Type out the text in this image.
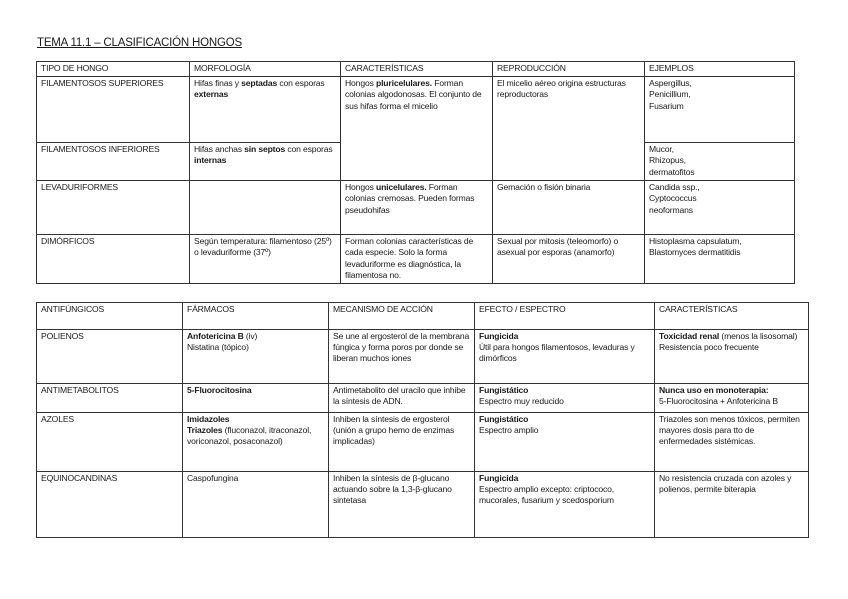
TEMA 11.1 – CLASIFICACIÓN HONGOS
TIPO DE HONGO	MORFOLOGÍA	CARACTERÍSTICAS	REPRODUCCIÓN	EJEMPLOS
FILAMENTOSOS SUPERIORES	Hifas finas y septadas con esporas externas	Hongos pluricelulares. Forman colonias algodonosas. El conjunto de sus hifas forma el micelio	El micelio aéreo origina estructuras reproductoras	Aspergillus,
Penicillium,
Fusarium

FILAMENTOSOS INFERIORES	Hifas anchas sin septos con esporas internas			Mucor,
Rhizopus,
dermatofitos

LEVADURIFORMES		Hongos unicelulares. Forman colonias cremosas. Pueden formas pseudohifas	Gemación o fisión binaria	Candida ssp.,
Cyptococcus
neoformans

DIMÓRFICOS	Según temperatura: filamentoso (25º) o levaduriforme (37º)	Forman colonias características de cada especie. Solo la forma levaduriforme es diagnóstica, la filamentosa no.	Sexual por mitosis (teleomorfo) o asexual por esporas (anamorfo)	Histoplasma capsulatum,
Blastomyces dermatitidis
ANTIFÚNGICOS	FÁRMACOS	MECANISMO DE ACCIÓN	EFECTO / ESPECTRO	CARACTERÍSTICAS
POLIENOS	Anfotericina B (iv)
Nistatina (tópico)	Se une al ergosterol de la membrana fúngica y forma poros por donde se liberan muchos iones	Fungicida
Útil para hongos filamentosos, levaduras y dimórficos	Toxicidad renal (menos la lisosomal)
Resistencia poco frecuente

ANTIMETABOLITOS	5-Fluorocitosina	Antimetabolito del uracilo que inhibe la síntesis de ADN.	Fungistático
Espectro muy reducido	Nunca uso en monoterapia:
5-Fluorocitosina + Anfotericina B
AZOLES	Imidazoles
Triazoles (fluconazol, itraconazol, voriconazol, posaconazol)	Inhiben la síntesis de ergosterol (unión a grupo hemo de enzimas implicadas)	Fungistático
Espectro amplio	Triazoles son menos tóxicos, permiten mayores dosis para tto de enfermedades sistémicas.
EQUINOCANDINAS	Caspofungina	Inhiben la síntesis de β-glucano actuando sobre la 1,3-β-glucano sintetasa	Fungicida
Espectro amplio excepto: criptococo, mucorales, fusarium y scedosporium	No resistencia cruzada con azoles y polienos, permite biterapia
